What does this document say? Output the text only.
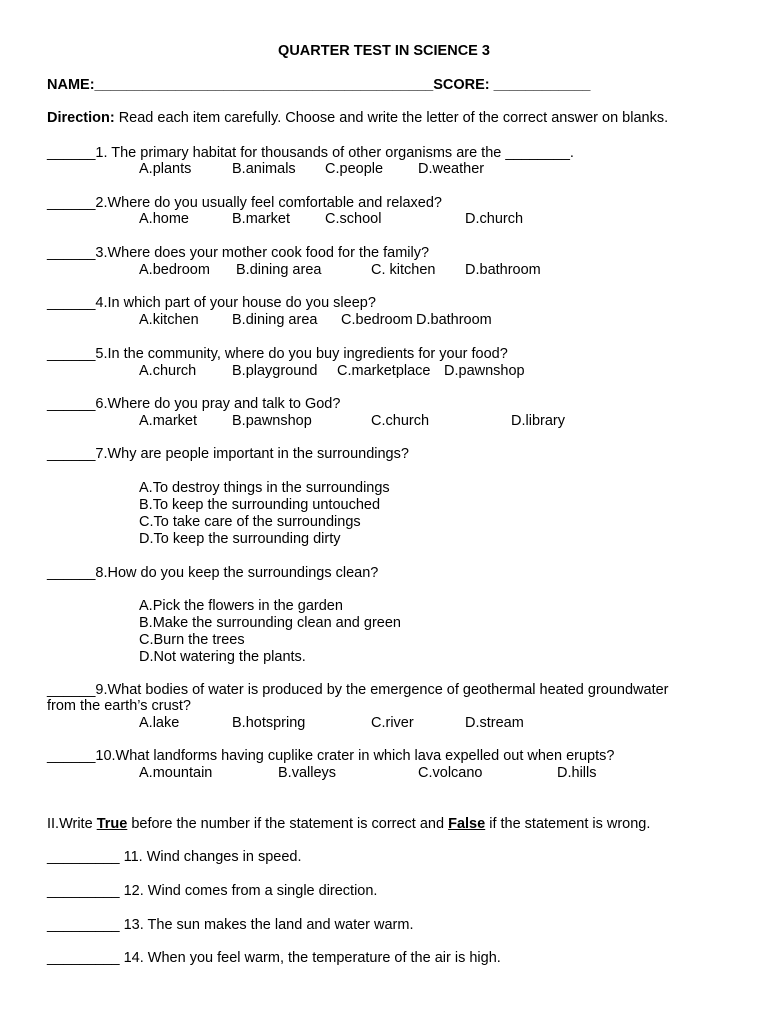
QUARTER TEST IN SCIENCE 3
NAME:__________________________________________SCORE: ____________
Direction: Read each item carefully. Choose and write the letter of the correct answer on blanks.
______1. The primary habitat for thousands of other organisms are the ________.
A.plants	B.animals C.people D.weather
______2.Where do you usually feel comfortable and relaxed?
A.home	B.market C.school	D.church
______3.Where does your mother cook food for the family?
A.bedroom B.dining area	C. kitchen D.bathroom
______4.In which part of your house do you sleep?
A.kitchen B.dining area C.bedroom D.bathroom
______5.In the community, where do you buy ingredients for your food?
A.church B.playground C.marketplace D.pawnshop
______6.Where do you pray and talk to God?
A.market B.pawnshop	C.church	D.library
______7.Why are people important in the surroundings?
A.To destroy things in the surroundings
B.To keep the surrounding untouched
C.To take care of the surroundings
D.To keep the surrounding dirty
______8.How do you keep the surroundings clean?
A.Pick the flowers in the garden
B.Make the surrounding clean and green
C.Burn the trees
D.Not watering the plants.
______9.What bodies of water is produced by the emergence of geothermal heated groundwater
from the earth’s crust?
A.lake	B.hotspring	C.river	D.stream
______10.What landforms having cuplike crater in which lava expelled out when erupts?
A.mountain	B.valleys	C.volcano	D.hills
II.Write True before the number if the statement is correct and False if the statement is wrong.
_________ 11. Wind changes in speed.
_________ 12. Wind comes from a single direction.
_________ 13. The sun makes the land and water warm.
_________ 14. When you feel warm, the temperature of the air is high.
